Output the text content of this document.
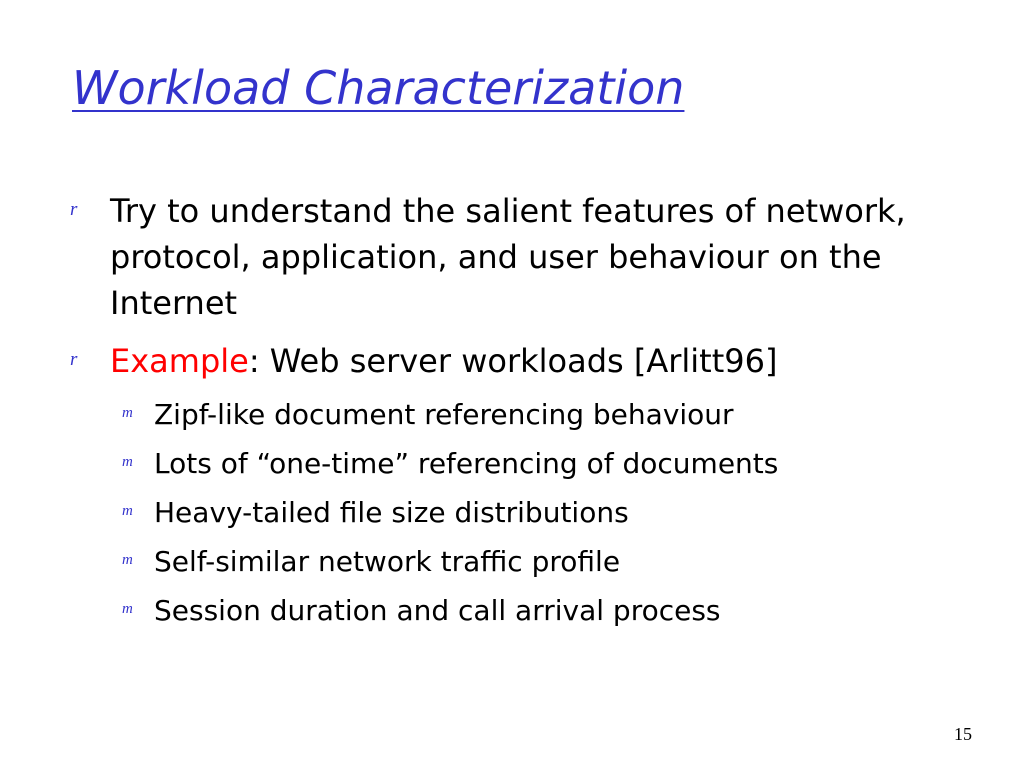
Workload Characterization
r Try to understand the salient features of network, protocol, application, and user behaviour on the Internet
r Example: Web server workloads [Arlitt96]
m Zipf-like document referencing behaviour
m Lots of “one-time” referencing of documents
m Heavy-tailed file size distributions
m Self-similar network traffic profile
m Session duration and call arrival process
15
